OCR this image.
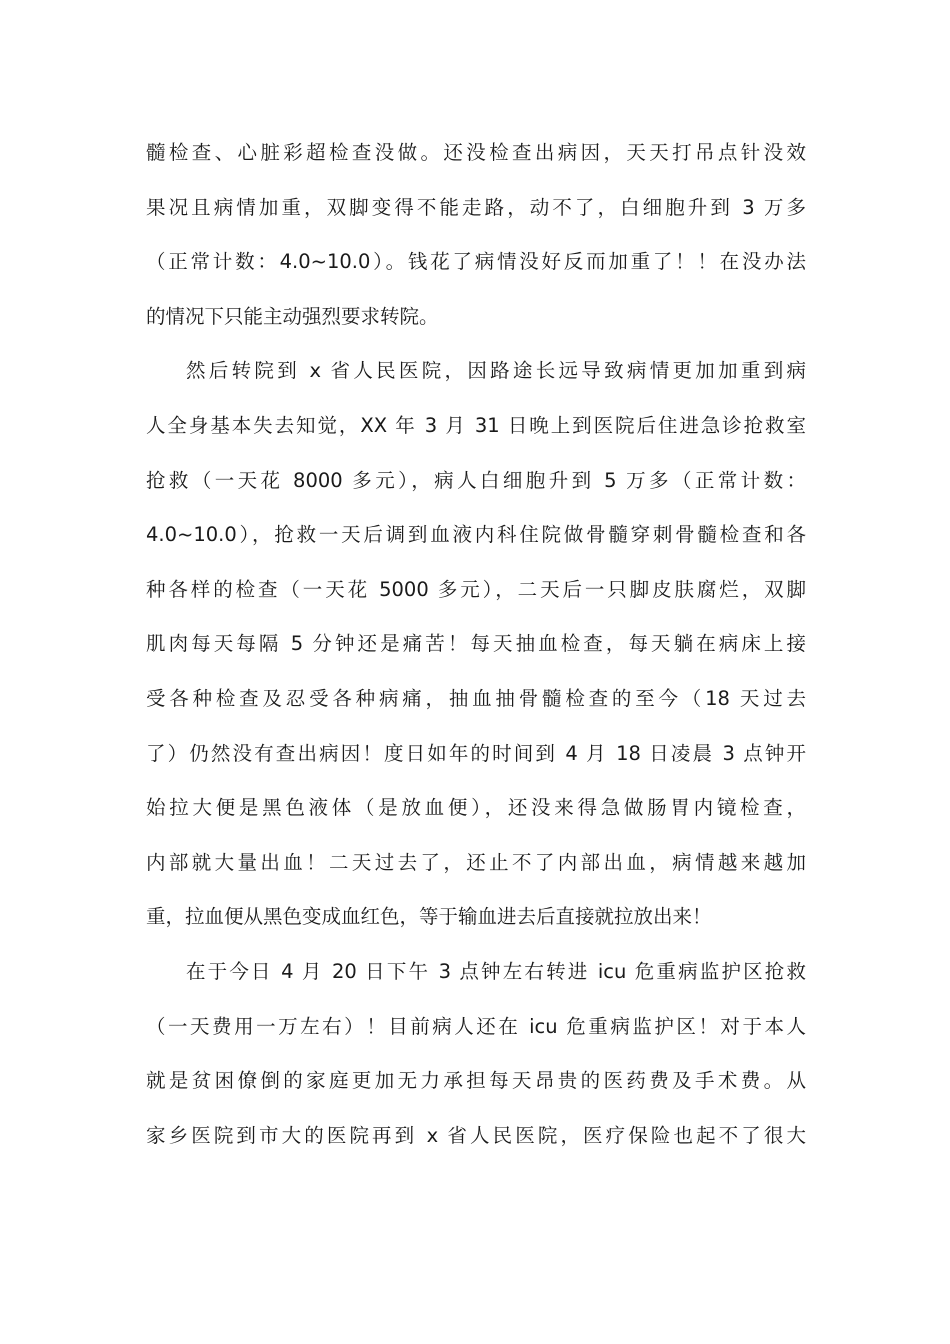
髓检查、心脏彩超检查没做。还没检查出病因，天天打吊点针没效
果况且病情加重，双脚变得不能走路，动不了，白细胞升到 3 万多
（正常计数：4.0~10.0）。钱花了病情没好反而加重了！！在没办法
的情况下只能主动强烈要求转院。
然后转院到 x 省人民医院，因路途长远导致病情更加加重到病
人全身基本失去知觉，XX 年 3 月 31 日晚上到医院后住进急诊抢救室
抢救（一天花 8000 多元），病人白细胞升到 5 万多（正常计数：
4.0~10.0），抢救一天后调到血液内科住院做骨髓穿刺骨髓检查和各
种各样的检查（一天花 5000 多元），二天后一只脚皮肤腐烂，双脚
肌肉每天每隔 5 分钟还是痛苦！每天抽血检查，每天躺在病床上接
受各种检查及忍受各种病痛，抽血抽骨髓检查的至今（18 天过去
了）仍然没有查出病因！度日如年的时间到 4 月 18 日凌晨 3 点钟开
始拉大便是黑色液体（是放血便），还没来得急做肠胃内镜检查，
内部就大量出血！二天过去了，还止不了内部出血，病情越来越加
重，拉血便从黑色变成血红色，等于输血进去后直接就拉放出来！
在于今日 4 月 20 日下午 3 点钟左右转进 icu 危重病监护区抢救
（一天费用一万左右）！目前病人还在 icu 危重病监护区！对于本人
就是贫困僚倒的家庭更加无力承担每天昂贵的医药费及手术费。从
家乡医院到市大的医院再到 x 省人民医院，医疗保险也起不了很大
